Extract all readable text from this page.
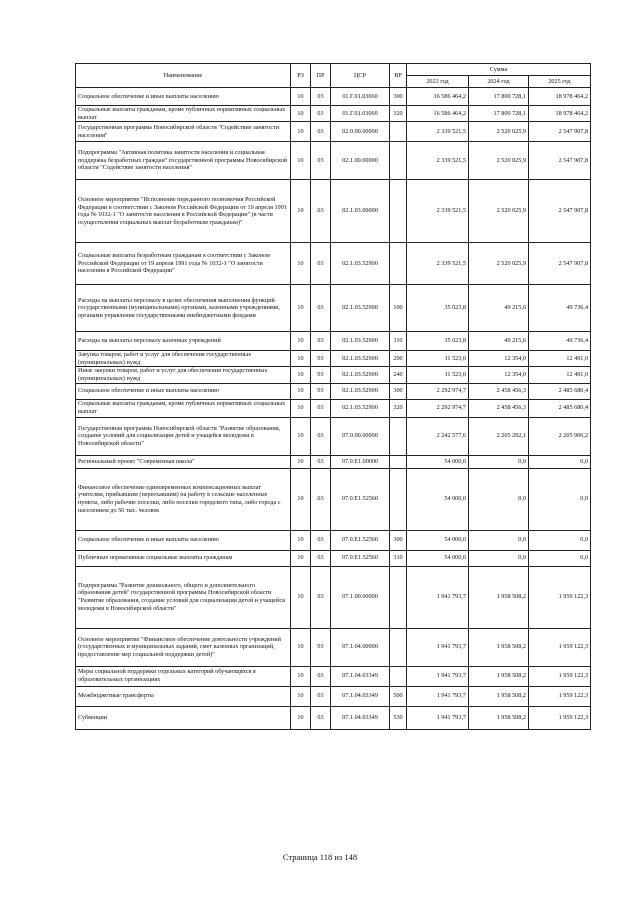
Наименование	РЗ	ПР	ЦСР	ВР	Сумма		
					2023 год	2024 год	2025 год
Социальное обеспечение и иные выплаты населению	10	03	01.Г.01.03060	300	16 586 464,2	17 800 728,1	18 978 464,2
Социальные выплаты гражданам, кроме публичных нормативных социальных выплат	10	03	01.Г.01.03060	320	16 586 464,2	17 800 728,1	18 978 464,2
Государственная программа Новосибирской области "Содействие занятости населения"	10	03	02.0.00.00000		2 339 521,5	2 520 025,9	2 547 907,8
Подпрограмма "Активная политика занятости населения и социальная поддержка безработных граждан" государственной программы Новосибирской области "Содействие занятости населения"	10	03	02.1.00.00000		2 339 521,5	2 520 025,9	2 547 907,8
Основное мероприятие "Исполнение переданного полномочия Российской Федерации в соответствии с Законом Российской Федерации от 19 апреля 1991 года № 1032-1 "О занятости населения в Российской Федерации" (в части осуществления социальных выплат безработным гражданам)"	10	03	02.1.03.00000		2 339 521,5	2 520 025,9	2 547 907,8
Социальные выплаты безработным гражданам в соответствии с Законом Российской Федерации от 19 апреля 1991 года № 1032-1 "О занятости населения в Российской Федерации"	10	03	02.1.03.52900		2 339 521,5	2 520 025,9	2 547 907,8
Расходы на выплаты персоналу в целях обеспечения выполнения функций государственными (муниципальными) органами, казенными учреждениями, органами управления государственными внебюджетными фондами	10	03	02.1.03.52900	100	35 023,8	49 215,6	49 736,4
Расходы на выплаты персоналу казенных учреждений	10	03	02.1.03.52900	110	35 023,8	49 215,6	49 736,4
Закупка товаров, работ и услуг для обеспечения государственных (муниципальных) нужд	10	03	02.1.03.52900	200	11 523,0	12 354,0	12 491,0
Иные закупки товаров, работ и услуг для обеспечения государственных (муниципальных) нужд	10	03	02.1.03.52900	240	11 523,0	12 354,0	12 491,0
Социальное обеспечение и иные выплаты населению	10	03	02.1.03.52900	300	2 292 974,7	2 458 456,3	2 485 680,4
Социальные выплаты гражданам, кроме публичных нормативных социальных выплат	10	03	02.1.03.52900	320	2 292 974,7	2 458 456,3	2 485 680,4
Государственная программа Новосибирской области "Развитие образования, создание условий для социализации детей и учащейся молодежи в Новосибирской области"	10	03	07.0.00.00000		2 242 577,6	2 205 292,1	2 205 906,2
Региональный проект "Современная школа"	10	03	07.0.E1.00000		54 000,0	0,0	0,0
Финансовое обеспечение единовременных компенсационных выплат учителям, прибывшим (переехавшим) на работу в сельские населенные пункты, либо рабочие поселки, либо поселки городского типа, либо города с населением до 50 тыс. человек	10	03	07.0.E1.52560		54 000,0	0,0	0,0
Социальное обеспечение и иные выплаты населению	10	03	07.0.E1.52560	300	54 000,0	0,0	0,0
Публичные нормативные социальные выплаты гражданам	10	03	07.0.E1.52560	310	54 000,0	0,0	0,0
Подпрограмма "Развитие дошкольного, общего и дополнительного образования детей" государственной программы Новосибирской области "Развитие образования, создание условий для социализации детей и учащейся молодежи в Новосибирской области"	10	03	07.1.00.00000		1 941 793,7	1 958 508,2	1 959 122,3
Основное мероприятие "Финансовое обеспечение деятельности учреждений (государственных и муниципальных заданий, смет казенных организаций, предоставление мер социальной поддержки детей)"	10	03	07.1.04.00000		1 941 793,7	1 958 508,2	1 959 122,3
Меры социальной поддержки отдельных категорий обучающихся в образовательных организациях	10	03	07.1.04.03349		1 941 793,7	1 958 508,2	1 959 122,3
Межбюджетные трансферты	10	03	07.1.04.03349	500	1 941 793,7	1 958 508,2	1 959 122,3
Субвенции	10	03	07.1.04.03349	530	1 941 793,7	1 958 508,2	1 959 122,3
Страница 118 из 148
